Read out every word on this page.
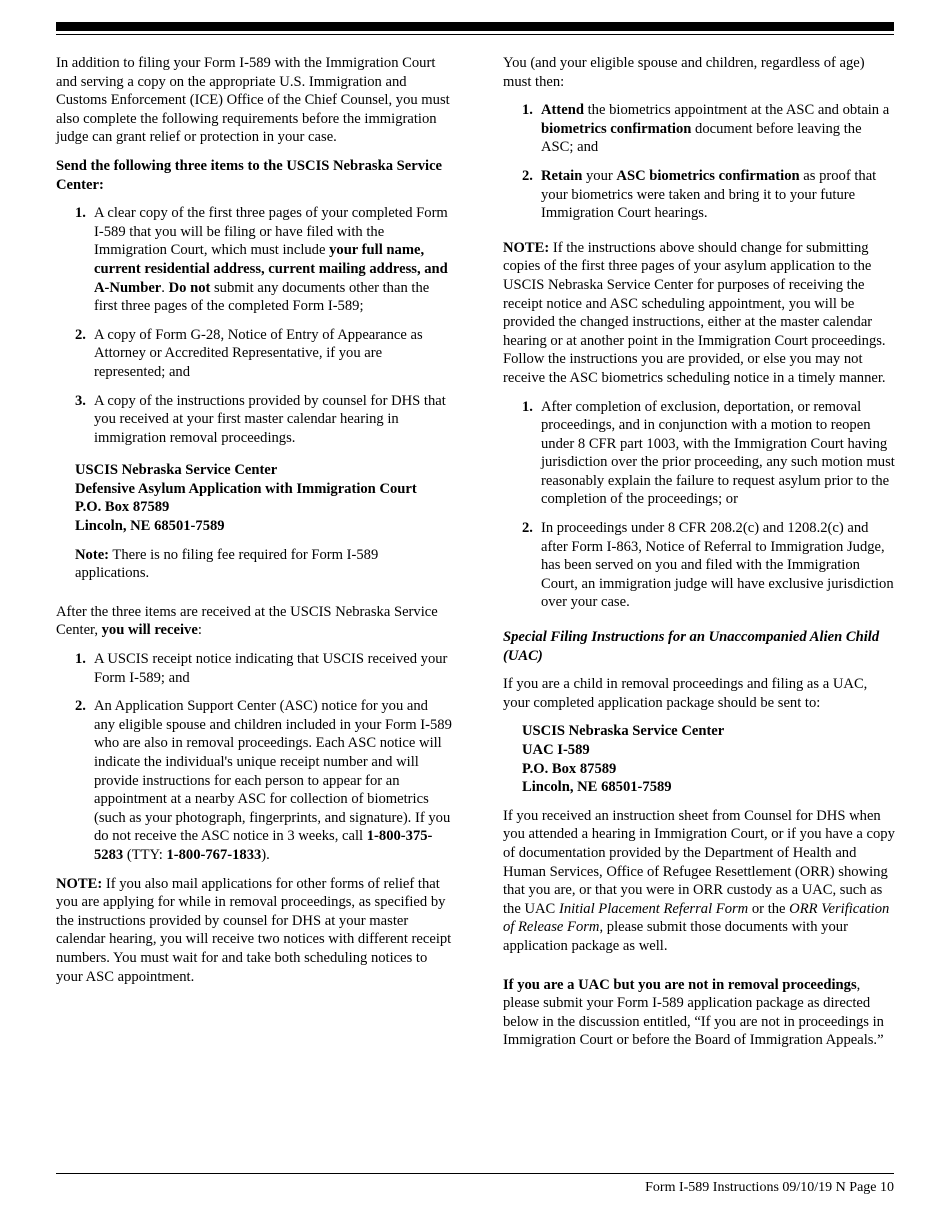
In addition to filing your Form I-589 with the Immigration Court and serving a copy on the appropriate U.S. Immigration and Customs Enforcement (ICE) Office of the Chief Counsel, you must also complete the following requirements before the immigration judge can grant relief or protection in your case.

Send the following three items to the USCIS Nebraska Service Center:

1. A clear copy of the first three pages of your completed Form I-589 that you will be filing or have filed with the Immigration Court, which must include your full name, current residential address, current mailing address, and A-Number. Do not submit any documents other than the first three pages of the completed Form I-589;
2. A copy of Form G-28, Notice of Entry of Appearance as Attorney or Accredited Representative, if you are represented; and
3. A copy of the instructions provided by counsel for DHS that you received at your first master calendar hearing in immigration removal proceedings.
USCIS Nebraska Service Center
Defensive Asylum Application with Immigration Court
P.O. Box 87589
Lincoln, NE 68501-7589

Note: There is no filing fee required for Form I-589 applications.

After the three items are received at the USCIS Nebraska Service Center, you will receive:

1. A USCIS receipt notice indicating that USCIS received your Form I-589; and
2. An Application Support Center (ASC) notice for you and any eligible spouse and children included in your Form I-589 who are also in removal proceedings. Each ASC notice will indicate the individual's unique receipt number and will provide instructions for each person to appear for an appointment at a nearby ASC for collection of biometrics (such as your photograph, fingerprints, and signature). If you do not receive the ASC notice in 3 weeks, call 1-800-375-5283 (TTY: 1-800-767-1833).

NOTE: If you also mail applications for other forms of relief that you are applying for while in removal proceedings, as specified by the instructions provided by counsel for DHS at your master calendar hearing, you will receive two notices with different receipt numbers. You must wait for and take both scheduling notices to your ASC appointment.

You (and your eligible spouse and children, regardless of age) must then:

1. Attend the biometrics appointment at the ASC and obtain a biometrics confirmation document before leaving the ASC; and
2. Retain your ASC biometrics confirmation as proof that your biometrics were taken and bring it to your future Immigration Court hearings.

NOTE: If the instructions above should change for submitting copies of the first three pages of your asylum application to the USCIS Nebraska Service Center for purposes of receiving the receipt notice and ASC scheduling appointment, you will be provided the changed instructions, either at the master calendar hearing or at another point in the Immigration Court proceedings. Follow the instructions you are provided, or else you may not receive the ASC biometrics scheduling notice in a timely manner.

1. After completion of exclusion, deportation, or removal proceedings, and in conjunction with a motion to reopen under 8 CFR part 1003, with the Immigration Court having jurisdiction over the prior proceeding, any such motion must reasonably explain the failure to request asylum prior to the completion of the proceedings; or
2. In proceedings under 8 CFR 208.2(c) and 1208.2(c) and after Form I-863, Notice of Referral to Immigration Judge, has been served on you and filed with the Immigration Court, an immigration judge will have exclusive jurisdiction over your case.

Special Filing Instructions for an Unaccompanied Alien Child (UAC)

If you are a child in removal proceedings and filing as a UAC, your completed application package should be sent to:

USCIS Nebraska Service Center
UAC I-589
P.O. Box 87589
Lincoln, NE 68501-7589

If you received an instruction sheet from Counsel for DHS when you attended a hearing in Immigration Court, or if you have a copy of documentation provided by the Department of Health and Human Services, Office of Refugee Resettlement (ORR) showing that you are, or that you were in ORR custody as a UAC, such as the UAC Initial Placement Referral Form or the ORR Verification of Release Form, please submit those documents with your application package as well.

If you are a UAC but you are not in removal proceedings, please submit your Form I-589 application package as directed below in the discussion entitled, “If you are not in proceedings in Immigration Court or before the Board of Immigration Appeals.”

Form I-589 Instructions 09/10/19 N Page 10
